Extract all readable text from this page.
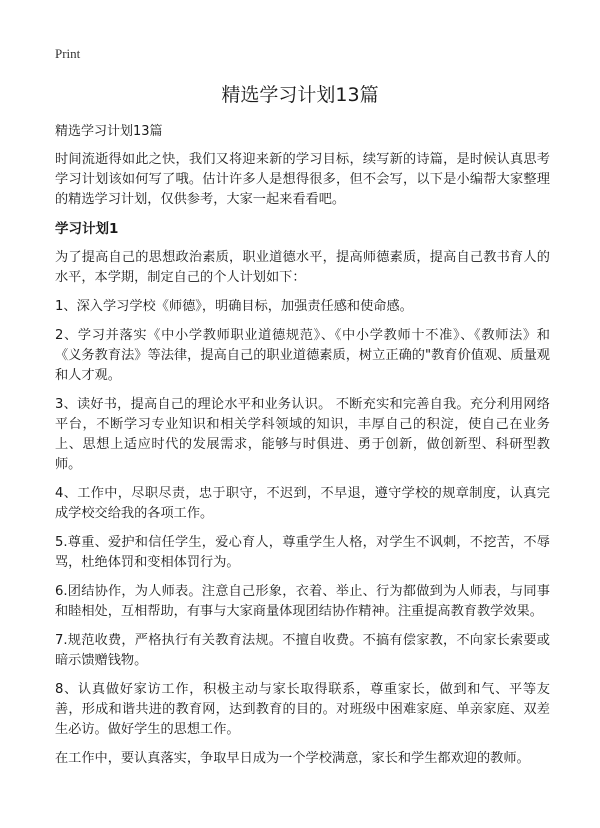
Print
精选学习计划13篇

精选学习计划13篇

时间流逝得如此之快，我们又将迎来新的学习目标，续写新的诗篇，是时候认真思考学习计划该如何写了哦。估计许多人是想得很多，但不会写，以下是小编帮大家整理的精选学习计划，仅供参考，大家一起来看看吧。

学习计划1

为了提高自己的思想政治素质，职业道德水平，提高师德素质，提高自己教书育人的水平，本学期，制定自己的个人计划如下：

1、深入学习学校《师德》，明确目标，加强责任感和使命感。

2、学习并落实《中小学教师职业道德规范》、《中小学教师十不准》、《教师法》和《义务教育法》等法律，提高自己的职业道德素质，树立正确的"教育价值观、质量观和人才观。

3、读好书，提高自己的理论水平和业务认识。 不断充实和完善自我。充分利用网络平台，不断学习专业知识和相关学科领域的知识，丰厚自己的积淀，使自己在业务上、思想上适应时代的发展需求，能够与时俱进、勇于创新，做创新型、科研型教师。

4、工作中，尽职尽责，忠于职守，不迟到，不早退，遵守学校的规章制度，认真完成学校交给我的各项工作。

5.尊重、爱护和信任学生，爱心育人，尊重学生人格，对学生不讽刺，不挖苦，不辱骂，杜绝体罚和变相体罚行为。

6.团结协作，为人师表。注意自己形象，衣着、举止、行为都做到为人师表，与同事和睦相处，互相帮助，有事与大家商量体现团结协作精神。注重提高教育教学效果。

7.规范收费，严格执行有关教育法规。不擅自收费。不搞有偿家教，不向家长索要或暗示馈赠钱物。

8、认真做好家访工作，积极主动与家长取得联系，尊重家长，做到和气、平等友善，形成和谐共进的教育网，达到教育的目的。对班级中困难家庭、单亲家庭、双差生必访。做好学生的思想工作。

在工作中，要认真落实，争取早日成为一个学校满意，家长和学生都欢迎的教师。
